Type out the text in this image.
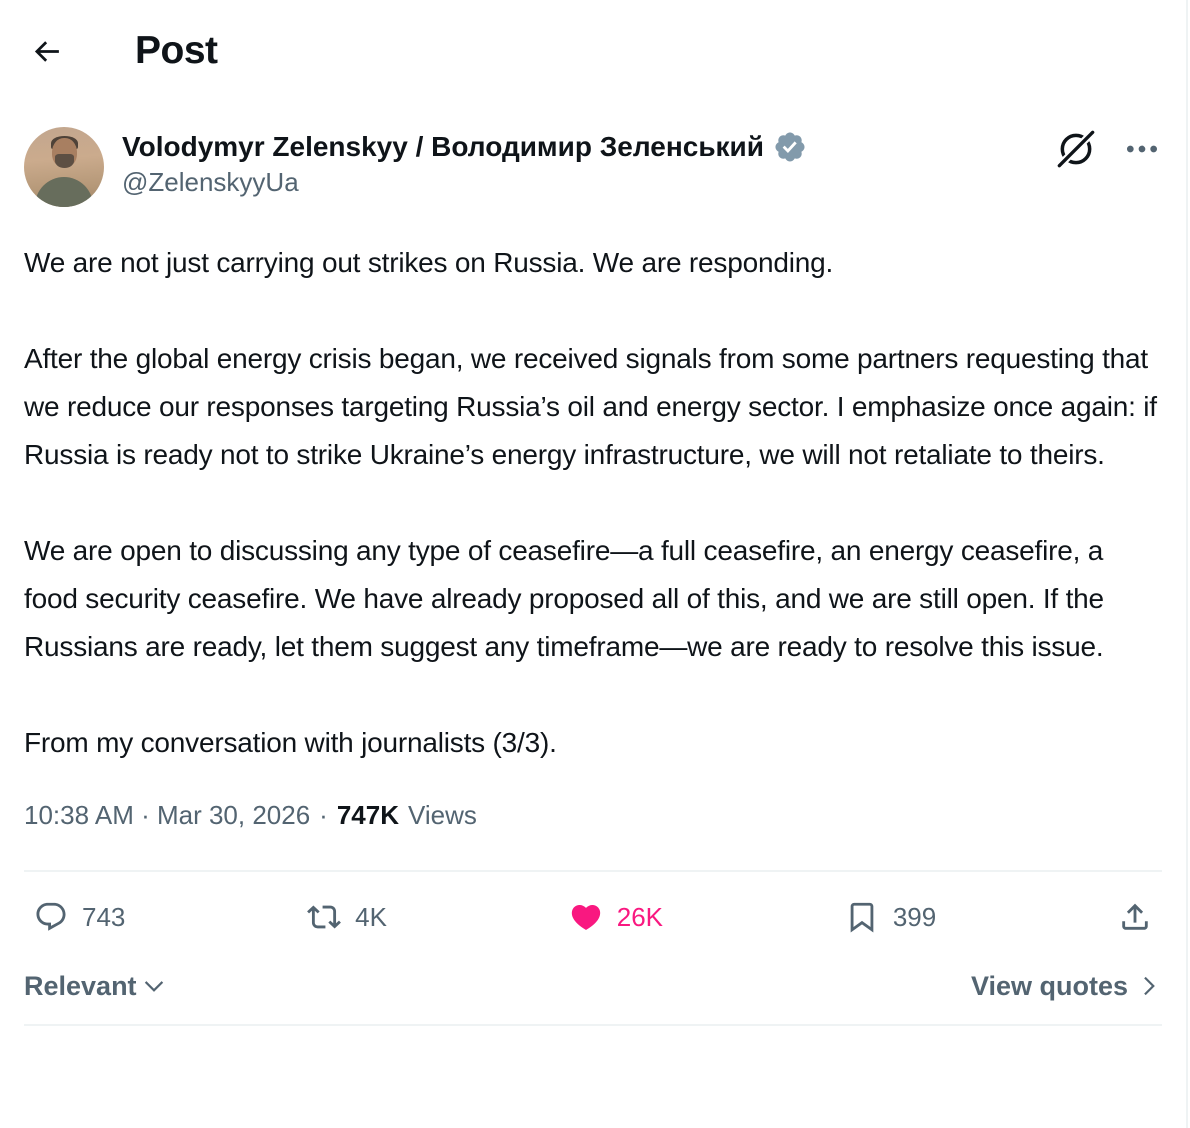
Post
Volodymyr Zelenskyy / Володимир Зеленський
@ZelenskyyUa

We are not just carrying out strikes on Russia. We are responding.

After the global energy crisis began, we received signals from some partners requesting that we reduce our responses targeting Russia’s oil and energy sector. I emphasize once again: if Russia is ready not to strike Ukraine’s energy infrastructure, we will not retaliate to theirs.

We are open to discussing any type of ceasefire—a full ceasefire, an energy ceasefire, a food security ceasefire. We have already proposed all of this, and we are still open. If the Russians are ready, let them suggest any timeframe—we are ready to resolve this issue.

From my conversation with journalists (3/3).

10:38 AM · Mar 30, 2026 · 747K Views
743	4K	26K	399
Relevant	View quotes
